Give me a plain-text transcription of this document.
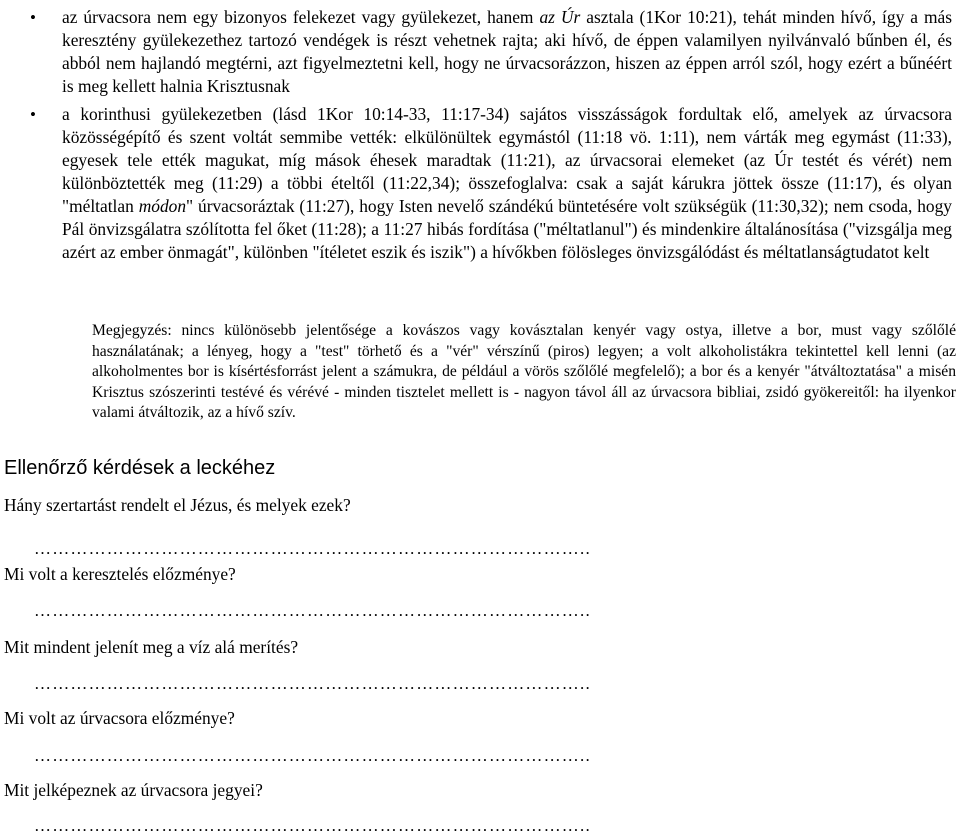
• az úrvacsora nem egy bizonyos felekezet vagy gyülekezet, hanem az Úr asztala (1Kor 10:21), tehát minden hívő, így a más keresztény gyülekezethez tartozó vendégek is részt vehetnek rajta; aki hívő, de éppen valamilyen nyilvánvaló bűnben él, és abból nem hajlandó megtérni, azt figyelmeztetni kell, hogy ne úrvacsorázzon, hiszen az éppen arról szól, hogy ezért a bűnéért is meg kellett halnia Krisztusnak
• a korinthusi gyülekezetben (lásd 1Kor 10:14-33, 11:17-34) sajátos visszásságok fordultak elő, amelyek az úrvacsora közösségépítő és szent voltát semmibe vették: elkülönültek egymástól (11:18 vö. 1:11), nem várták meg egymást (11:33), egyesek tele ették magukat, míg mások éhesek maradtak (11:21), az úrvacsorai elemeket (az Úr testét és vérét) nem különböztették meg (11:29) a többi ételtől (11:22,34); összefoglalva: csak a saját kárukra jöttek össze (11:17), és olyan "méltatlan módon" úrvacsoráztak (11:27), hogy Isten nevelő szándékú büntetésére volt szükségük (11:30,32); nem csoda, hogy Pál önvizsgálatra szólította fel őket (11:28); a 11:27 hibás fordítása ("méltatlanul") és mindenkire általánosítása ("vizsgálja meg azért az ember önmagát", különben "ítéletet eszik és iszik") a hívőkben fölösleges önvizsgálódást és méltatlanságtudatot kelt
Megjegyzés: nincs különösebb jelentősége a kovászos vagy kovásztalan kenyér vagy ostya, illetve a bor, must vagy szőlőlé használatának; a lényeg, hogy a "test" törhető és a "vér" vérszínű (piros) legyen; a volt alkoholistákra tekintettel kell lenni (az alkoholmentes bor is kísértésforrást jelent a számukra, de például a vörös szőlőlé megfelelő); a bor és a kenyér "átváltoztatása" a misén Krisztus szószerinti testévé és vérévé - minden tisztelet mellett is - nagyon távol áll az úrvacsora bibliai, zsidó gyökereitől: ha ilyenkor valami átváltozik, az a hívő szív.
Ellenőrző kérdések a leckéhez
Hány szertartást rendelt el Jézus, és melyek ezek?
………………………………………………………………………………..
Mi volt a keresztelés előzménye?
………………………………………………………………………………..
Mit mindent jelenít meg a víz alá merítés?
………………………………………………………………………………..
Mi volt az úrvacsora előzménye?
………………………………………………………………………………..
Mit jelképeznek az úrvacsora jegyei?
………………………………………………………………………………..
